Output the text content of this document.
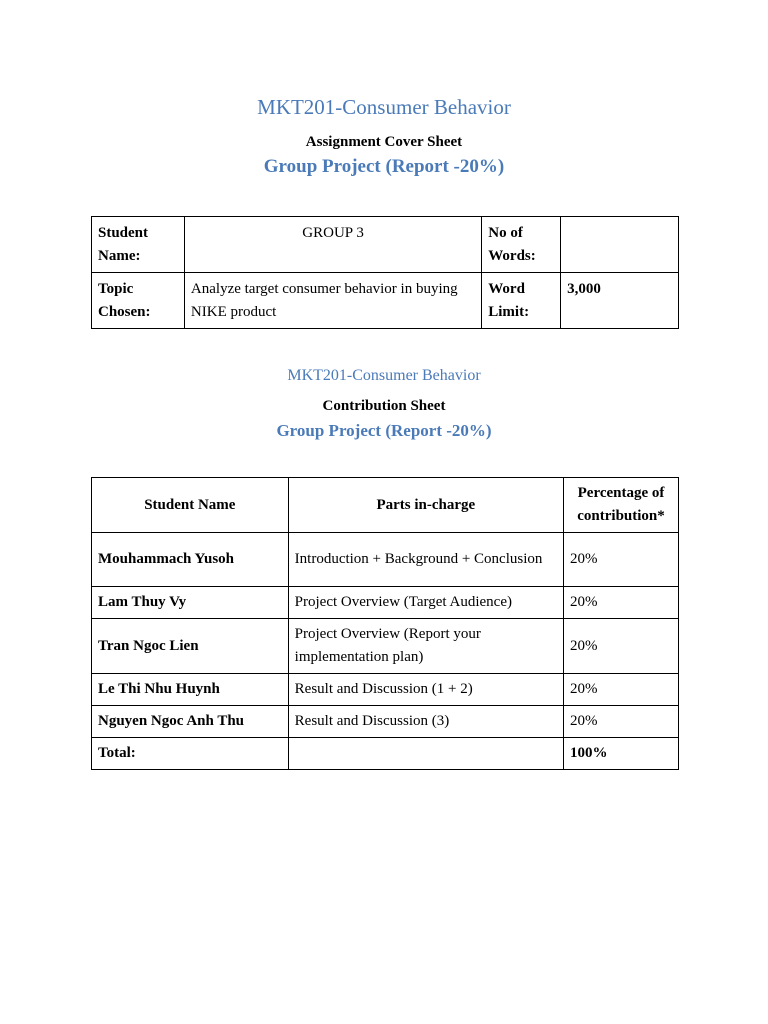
MKT201-Consumer Behavior
Assignment Cover Sheet
Group Project (Report -20%)
Student Name:	GROUP 3	No of Words:	
Topic Chosen:	Analyze target consumer behavior in buying NIKE product	Word Limit:	3,000
MKT201-Consumer Behavior
Contribution Sheet
Group Project (Report -20%)
Student Name	Parts in-charge	Percentage of contribution*
Mouhammach Yusoh	Introduction + Background + Conclusion	20%
Lam Thuy Vy	Project Overview (Target Audience)	20%
Tran Ngoc Lien	Project Overview (Report your implementation plan)	20%
Le Thi Nhu Huynh	Result and Discussion (1 + 2)	20%
Nguyen Ngoc Anh Thu	Result and Discussion (3)	20%
Total:		100%
